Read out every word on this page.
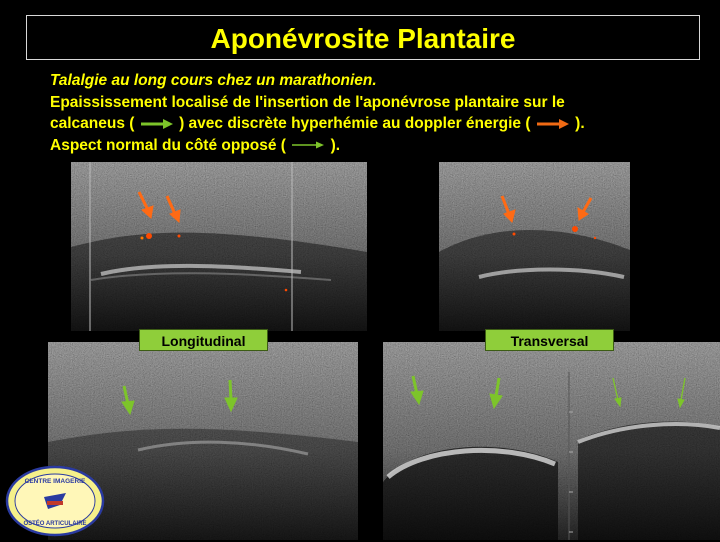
Aponévrosite Plantaire
Talalgie au long cours chez un marathonien.
Epaississement localisé de l'insertion de l'aponévrose plantaire sur le
calcaneus (	) avec discrète hyperhémie au doppler énergie (	).
Aspect normal du côté opposé (	).
Longitudinal	Transversal
CENTRE IMAGERIE
OSTÉO ARTICULAIRE
